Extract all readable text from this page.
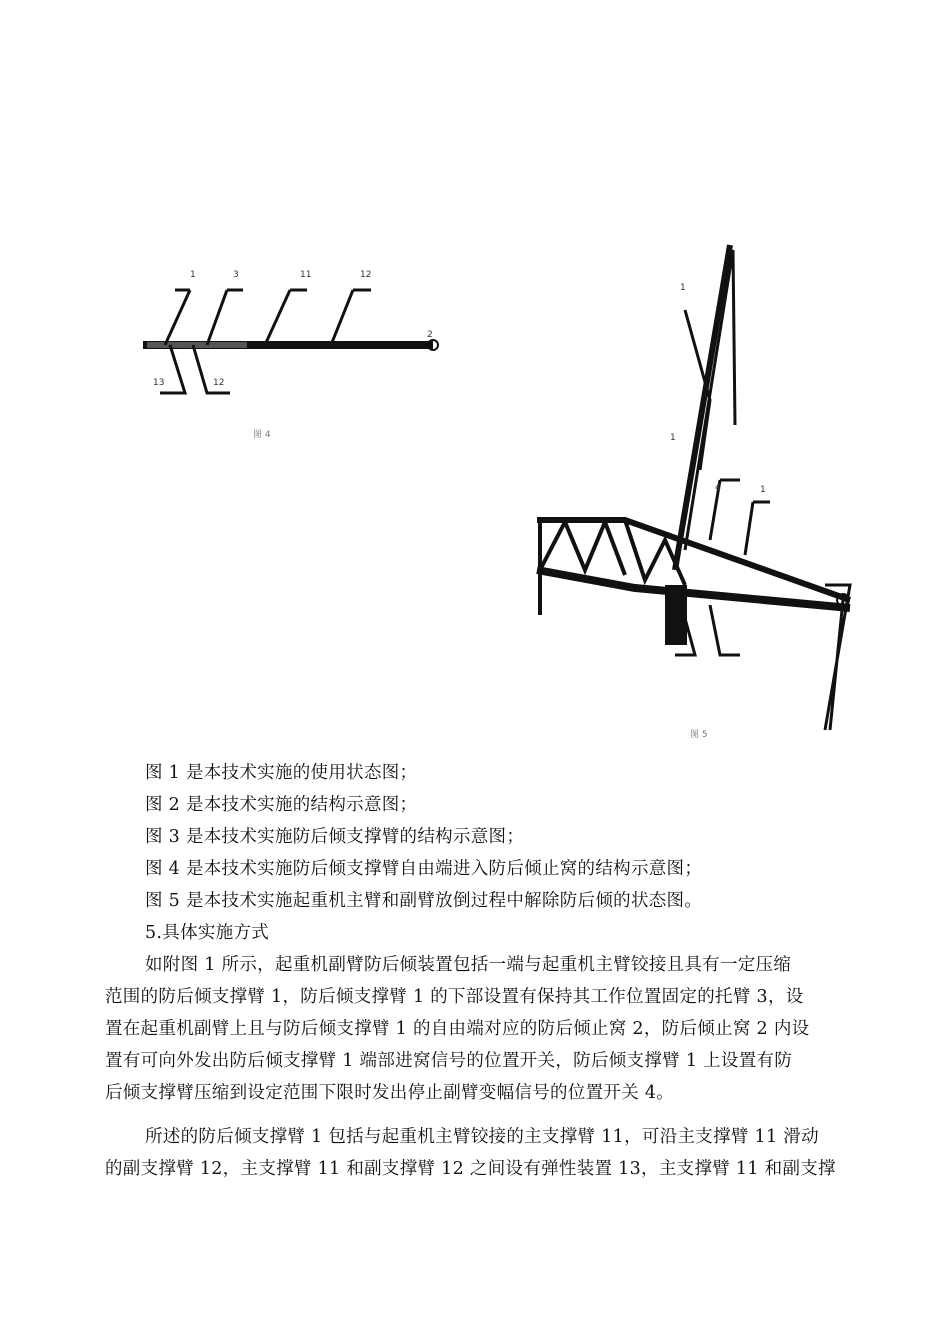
1	3	11	12
13	12
2
图 4
1
1
4	1
图 5

图 1 是本技术实施的使用状态图；

图 2 是本技术实施的结构示意图；

图 3 是本技术实施防后倾支撑臂的结构示意图；

图 4 是本技术实施防后倾支撑臂自由端进入防后倾止窝的结构示意图；

图 5 是本技术实施起重机主臂和副臂放倒过程中解除防后倾的状态图。

5.具体实施方式

如附图 1 所示，起重机副臂防后倾装置包括一端与起重机主臂铰接且具有一定压缩

范围的防后倾支撑臂 1，防后倾支撑臂 1 的下部设置有保持其工作位置固定的托臂 3，设

置在起重机副臂上且与防后倾支撑臂 1 的自由端对应的防后倾止窝 2，防后倾止窝 2 内设

置有可向外发出防后倾支撑臂 1 端部进窝信号的位置开关，防后倾支撑臂 1 上设置有防

后倾支撑臂压缩到设定范围下限时发出停止副臂变幅信号的位置开关 4。

所述的防后倾支撑臂 1 包括与起重机主臂铰接的主支撑臂 11，可沿主支撑臂 11 滑动

的副支撑臂 12，主支撑臂 11 和副支撑臂 12 之间设有弹性装置 13，主支撑臂 11 和副支撑
